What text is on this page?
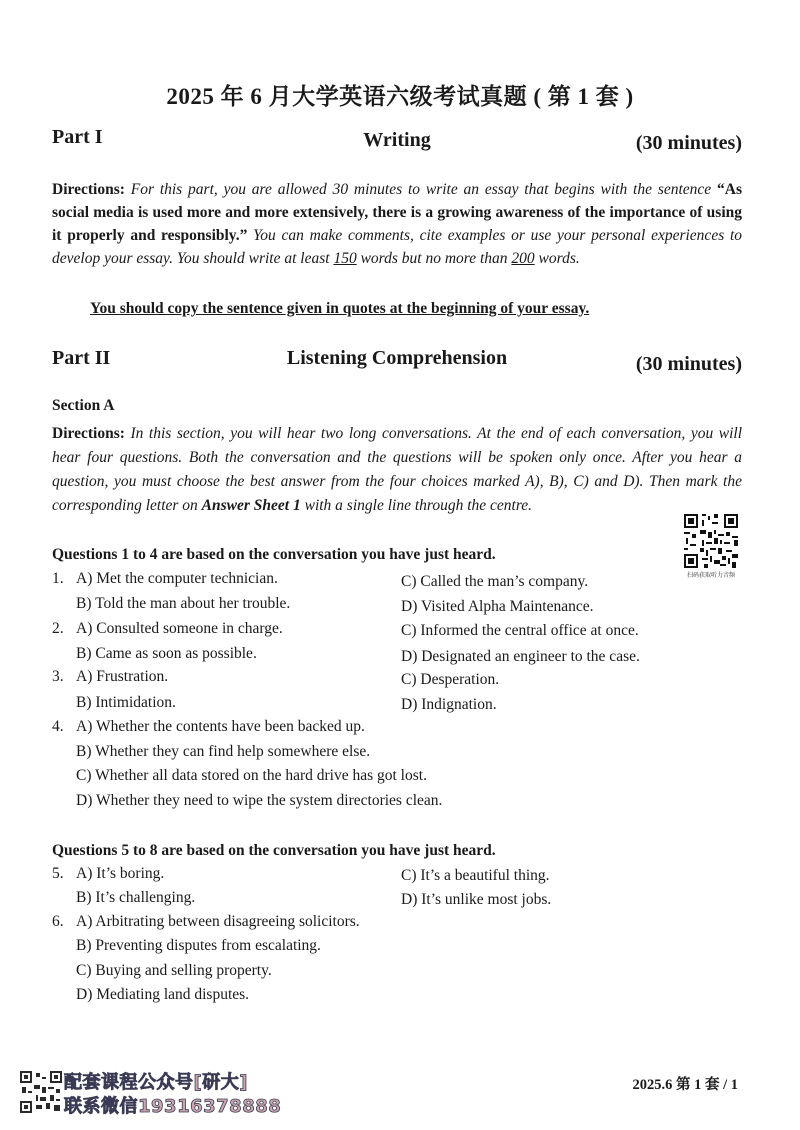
2025 年 6 月大学英语六级考试真题 ( 第 1 套 )
Part I	Writing	(30 minutes)
Directions: For this part, you are allowed 30 minutes to write an essay that begins with the sentence “As social media is used more and more extensively, there is a growing awareness of the importance of using it properly and responsibly.” You can make comments, cite examples or use your personal experiences to develop your essay. You should write at least 150 words but no more than 200 words.
You should copy the sentence given in quotes at the beginning of your essay.
Part II	Listening Comprehension	(30 minutes)
Section A
Directions: In this section, you will hear two long conversations. At the end of each conversation, you will hear four questions. Both the conversation and the questions will be spoken only once. After you hear a question, you must choose the best answer from the four choices marked A), B), C) and D). Then mark the corresponding letter on Answer Sheet 1 with a single line through the centre.
扫码获取听力音频
Questions 1 to 4 are based on the conversation you have just heard.
1. A) Met the computer technician.
B) Told the man about her trouble.
C) Called the man’s company.
D) Visited Alpha Maintenance.
2. A) Consulted someone in charge.
B) Came as soon as possible.
C) Informed the central office at once.
D) Designated an engineer to the case.
3. A) Frustration.
B) Intimidation.
C) Desperation.
D) Indignation.
4. A) Whether the contents have been backed up.
B) Whether they can find help somewhere else.
C) Whether all data stored on the hard drive has got lost.
D) Whether they need to wipe the system directories clean.
Questions 5 to 8 are based on the conversation you have just heard.
5. A) It’s boring.
B) It’s challenging.
C) It’s a beautiful thing.
D) It’s unlike most jobs.
6. A) Arbitrating between disagreeing solicitors.
B) Preventing disputes from escalating.
C) Buying and selling property.
D) Mediating land disputes.
配套课程公众号[研大]
联系微信19316378888
2025.6 第 1 套 / 1
